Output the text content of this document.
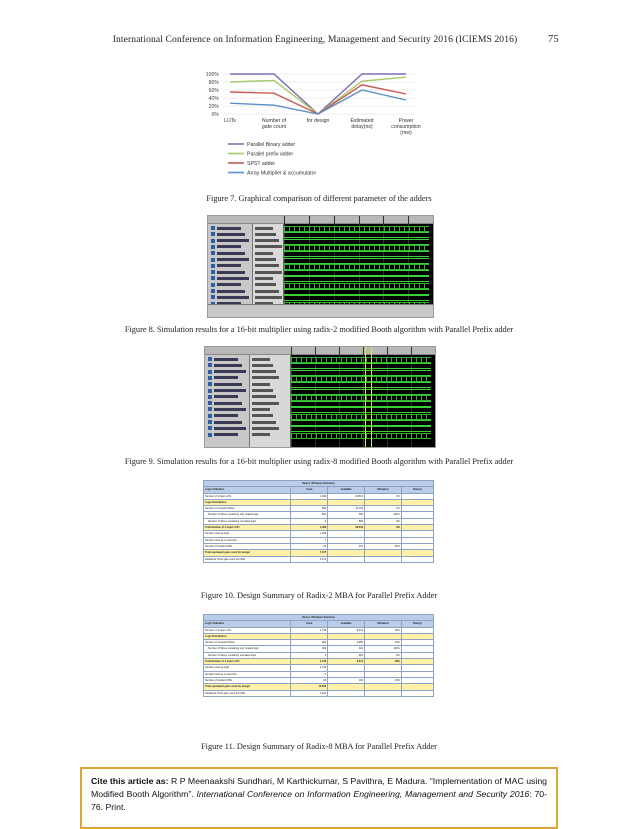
International Conference on Information Engineering, Management and Security 2016 (ICIEMS 2016)	75
0%
20%
40%
60%
80%
100%
LUTs	Number of gate count
for design	Estimated delay(ns)
Power consumption (mw)
Parallel Binary adder
Parallel prefix adder
SPST adder
Array Multiplier & accumulator
Figure 7. Graphical comparison of different parameter of the adders
Figure 8. Simulation results for a 16-bit multiplier using radix-2 modified Booth algorithm with Parallel Prefix adder
Figure 9. Simulation results for a 16-bit multiplier using radix-8 modified Booth algorithm with Parallel Prefix adder
Device Utilization Summary				
Logic Utilization	Used	Available	Utilization	Note(s)
Number of 4 input LUTs	1,099	29,504	3%	
Logic Distribution				
Number of occupied Slices	560	14,752	3%	
Number of Slices containing only related logic	560	560	100%	
Number of Slices containing unrelated logic	0	560	0%	
Total Number of 4 input LUTs	1,099	29,504	3%	
Number used as logic	1,099			
Number used as a route-thru	7			
Number of bonded IOBs	64	376	26%	
Total equivalent gate count for design	7,157			
Additional JTAG gate count for IOBs	3,072			
Figure 10. Design Summary of Radix-2 MBA for Parallel Prefix Adder
Device Utilization Summary				
Logic Utilization	Used	Available	Utilization	Note(s)
Number of 4 input LUTs	1,746	9,312	18%	
Logic Distribution				
Number of occupied Slices	902	4,656	19%	
Number of Slices containing only related logic	902	902	100%	
Number of Slices containing unrelated logic	0	902	0%	
Total Number of 4 input LUTs	1,746	9,312	18%	
Number used as logic	1,746			
Number used as a route-thru	0			
Number of bonded IOBs	63	190	43%	
Total equivalent gate count for design	10,503			
Additional JTAG gate count for IOBs	3,024			
Figure 11. Design Summary of Radix-8 MBA for Parallel Prefix Adder
Cite this article as: R P Meenaakshi Sundhari, M Karthickumar, S Pavithra, E Madura. “Implementation of MAC using Modified Booth Algorithm”. International Conference on Information Engineering, Management and Security 2016: 70-76. Print.
